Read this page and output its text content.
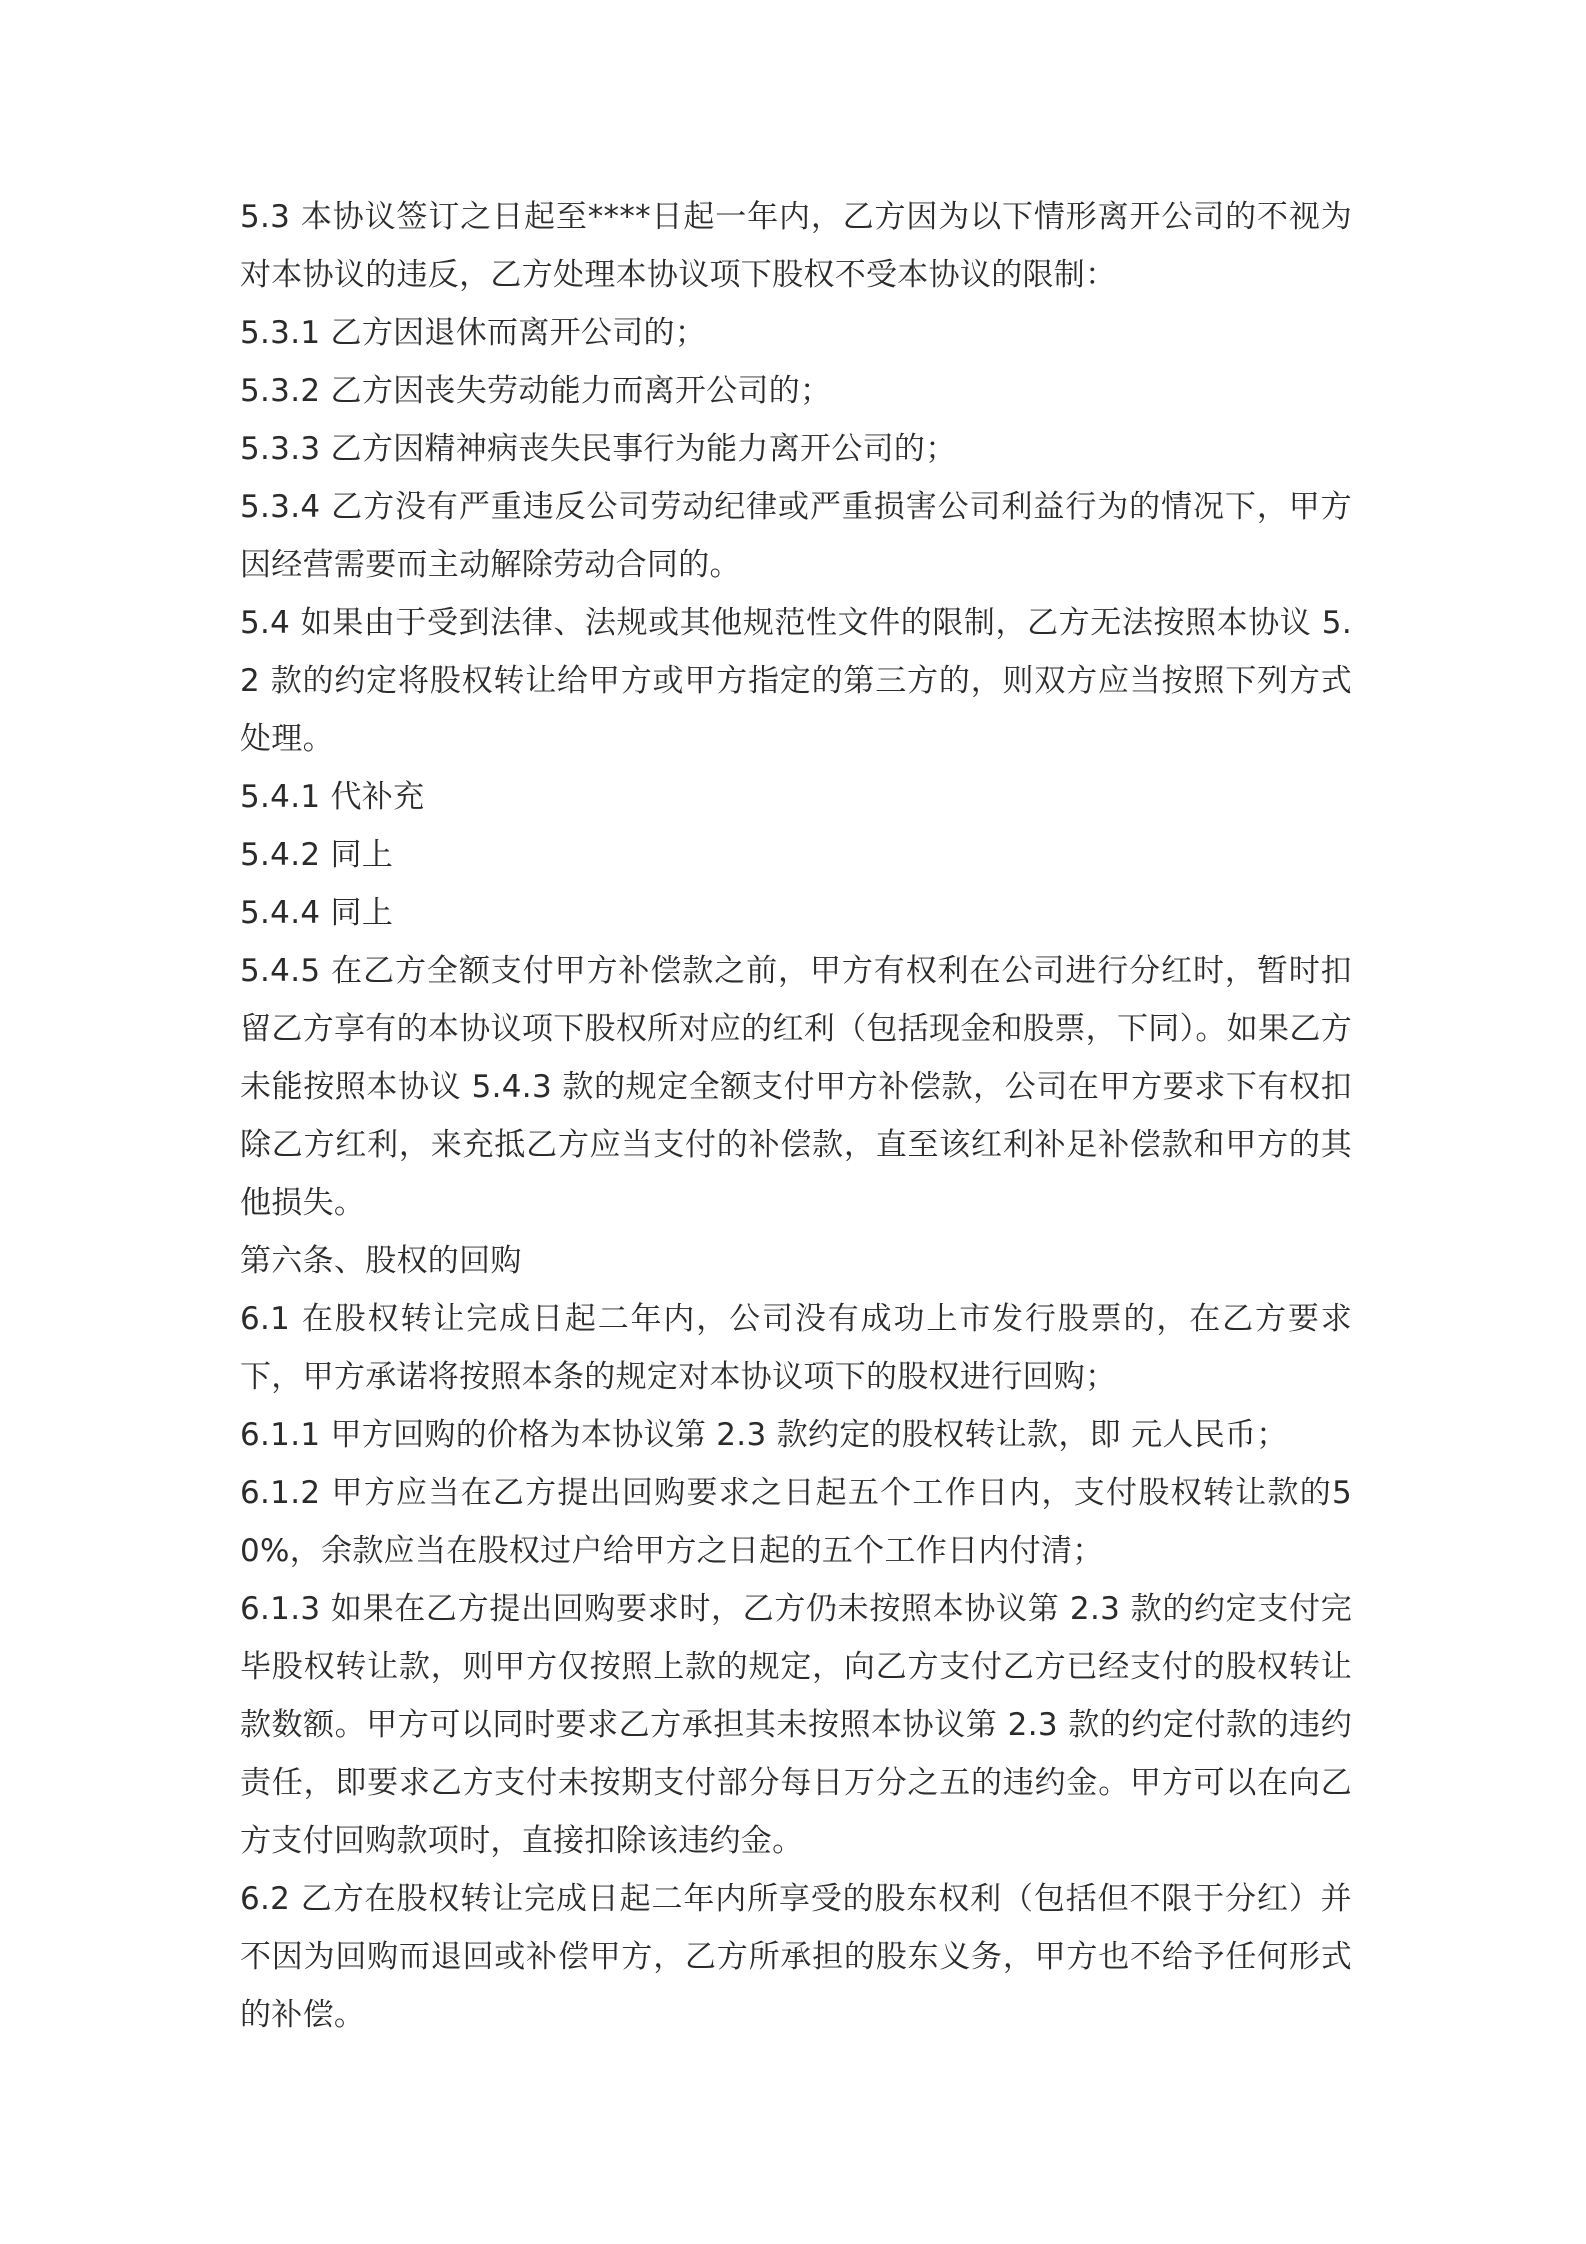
5.3 本协议签订之日起至****日起一年内，乙方因为以下情形离开公司的不视为对本协议的违反，乙方处理本协议项下股权不受本协议的限制：

5.3.1 乙方因退休而离开公司的；

5.3.2 乙方因丧失劳动能力而离开公司的；

5.3.3 乙方因精神病丧失民事行为能力离开公司的；

5.3.4 乙方没有严重违反公司劳动纪律或严重损害公司利益行为的情况下，甲方因经营需要而主动解除劳动合同的。

5.4 如果由于受到法律、法规或其他规范性文件的限制，乙方无法按照本协议 5.2 款的约定将股权转让给甲方或甲方指定的第三方的，则双方应当按照下列方式处理。

5.4.1 代补充

5.4.2 同上

5.4.4 同上

5.4.5 在乙方全额支付甲方补偿款之前，甲方有权利在公司进行分红时，暂时扣留乙方享有的本协议项下股权所对应的红利（包括现金和股票，下同）。如果乙方未能按照本协议 5.4.3 款的规定全额支付甲方补偿款，公司在甲方要求下有权扣除乙方红利，来充抵乙方应当支付的补偿款，直至该红利补足补偿款和甲方的其他损失。

第六条、股权的回购

6.1 在股权转让完成日起二年内，公司没有成功上市发行股票的，在乙方要求下，甲方承诺将按照本条的规定对本协议项下的股权进行回购；

6.1.1 甲方回购的价格为本协议第 2.3 款约定的股权转让款，即 元人民币；

6.1.2 甲方应当在乙方提出回购要求之日起五个工作日内，支付股权转让款的50%，余款应当在股权过户给甲方之日起的五个工作日内付清；

6.1.3 如果在乙方提出回购要求时，乙方仍未按照本协议第 2.3 款的约定支付完毕股权转让款，则甲方仅按照上款的规定，向乙方支付乙方已经支付的股权转让款数额。甲方可以同时要求乙方承担其未按照本协议第 2.3 款的约定付款的违约责任，即要求乙方支付未按期支付部分每日万分之五的违约金。甲方可以在向乙方支付回购款项时，直接扣除该违约金。

6.2 乙方在股权转让完成日起二年内所享受的股东权利（包括但不限于分红）并不因为回购而退回或补偿甲方，乙方所承担的股东义务，甲方也不给予任何形式的补偿。
